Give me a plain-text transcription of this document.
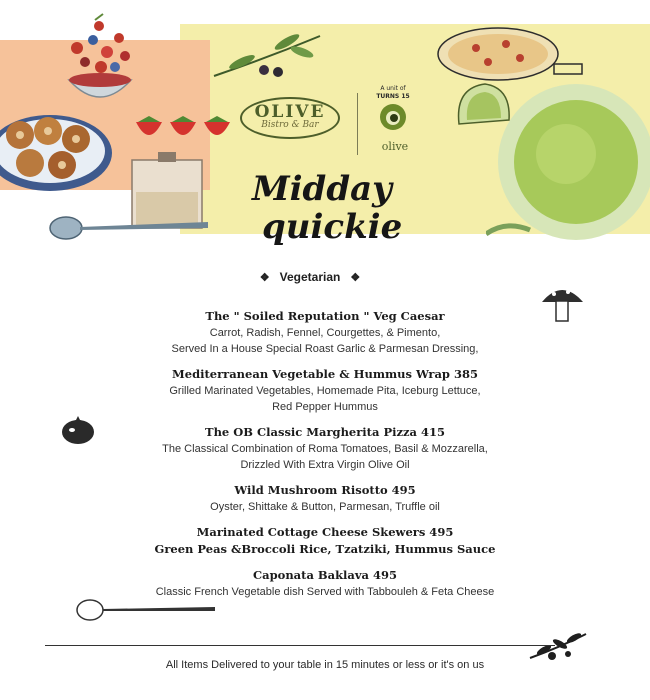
OLIVE
Bistro & Bar
A unit of
TURNS 15
olive
Midday
quickie
❖ Vegetarian ❖
The " Soiled Reputation " Veg Caesar
Carrot, Radish, Fennel, Courgettes, & Pimento,
Served In a House Special Roast Garlic & Parmesan Dressing,
Mediterranean Vegetable & Hummus Wrap 385
Grilled Marinated Vegetables, Homemade Pita, Iceburg Lettuce,
Red Pepper Hummus
The OB Classic Margherita Pizza 415
The Classical Combination of Roma Tomatoes, Basil & Mozzarella,
Drizzled With Extra Virgin Olive Oil
Wild Mushroom Risotto 495
Oyster, Shittake & Button, Parmesan, Truffle oil
Marinated Cottage Cheese Skewers 495
Green Peas &Broccoli Rice, Tzatziki, Hummus Sauce
Caponata Baklava 495
Classic French Vegetable dish Served with Tabbouleh & Feta Cheese
All Items Delivered to your table in 15 minutes or less or it's on us
